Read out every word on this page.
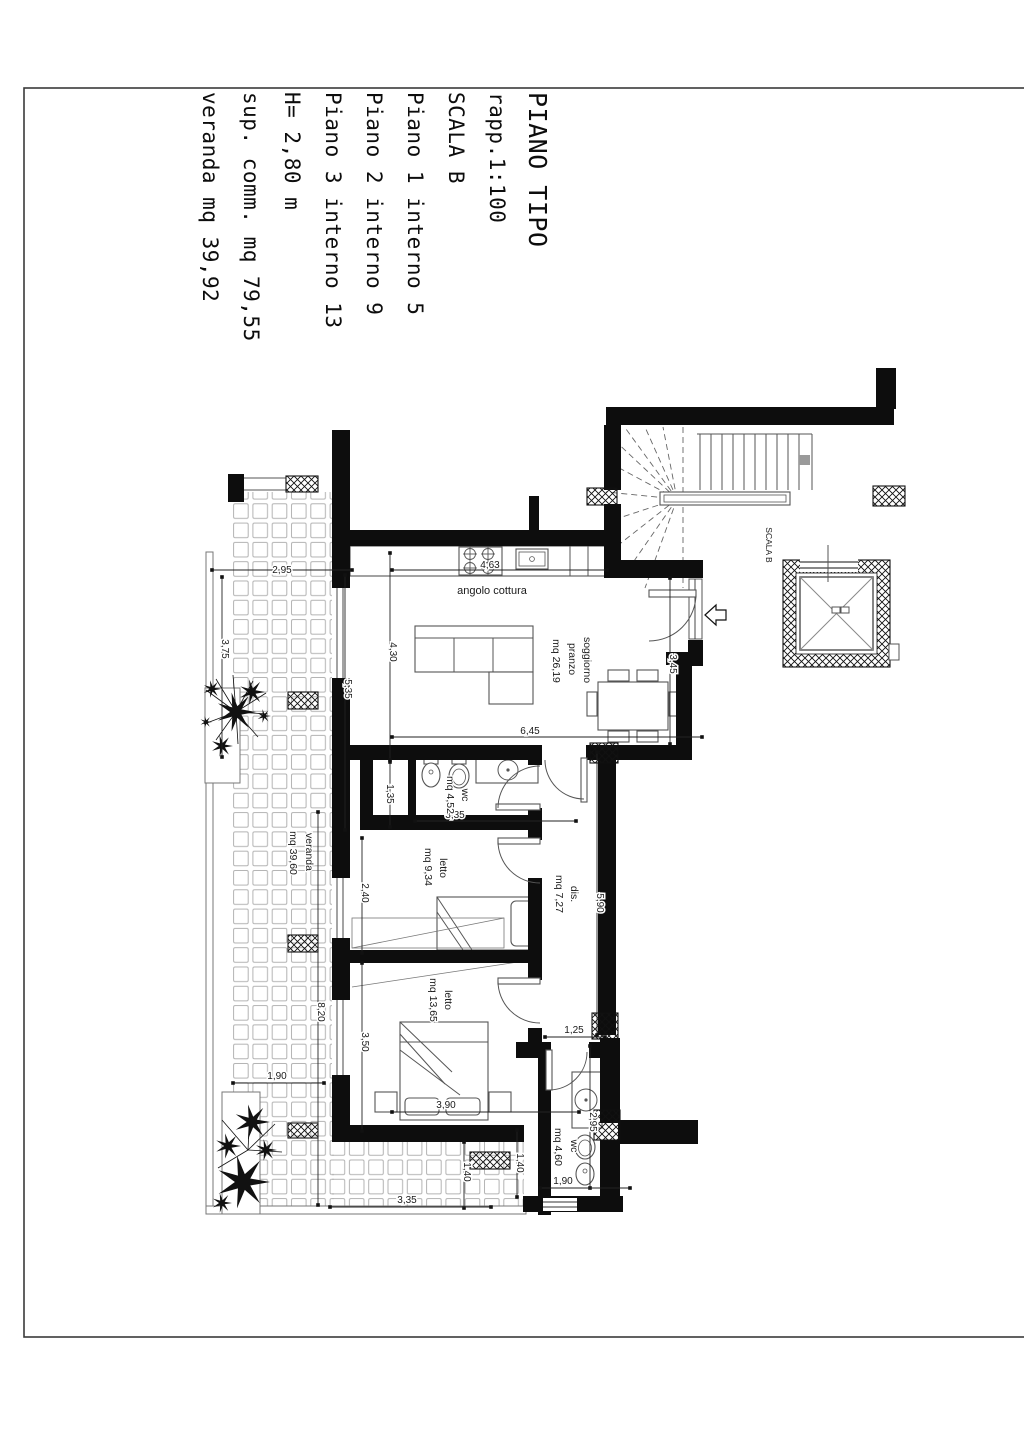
PIANO TIPO
rapp.1:100
SCALA B
Piano 1 interno 5
Piano 2 interno 9
Piano 3 interno 13
H= 2,80 m
sup. comm. mq 79,55
veranda mq 39,92
2,95	4,63
3,75	4,30
5,35
3,45
6,45
1,35
3,35
2,40
5,90
8,20
3,50
1,25
1,90
3,90
2,95
1,40	1,40
1,90
3,35
angolo cottura
soggiorno
pranzo
mq 26,19
wc
mq 4,52
letto
mq 9,34
dis.
mq 7,27
letto
mq 13,65
wc
mq 4,60
veranda
mq 39,60
SCALA B
